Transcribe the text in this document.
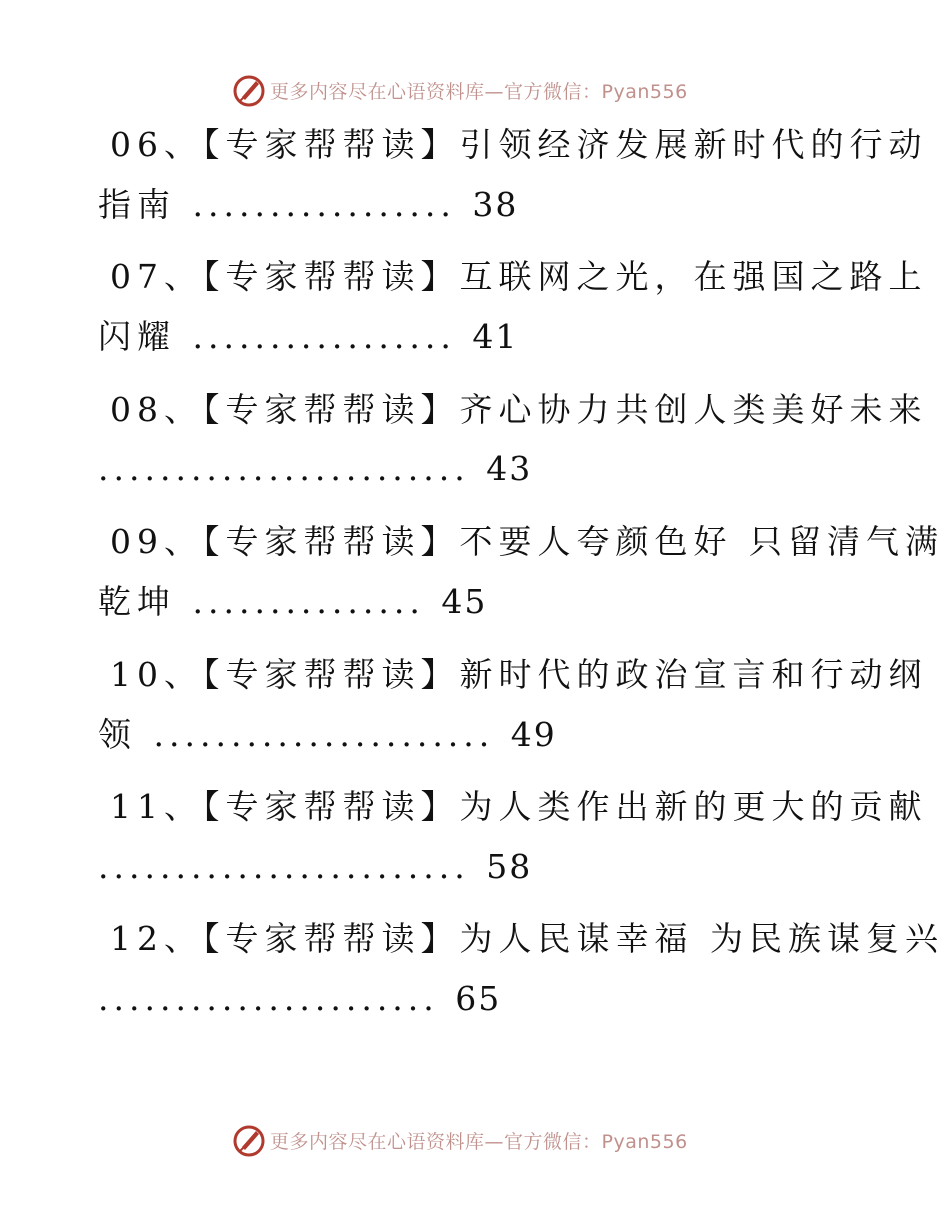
更多内容尽在心语资料库—官方微信：Pyan556
06、【专家帮帮读】引领经济发展新时代的行动
指南 ................. 38
07、【专家帮帮读】互联网之光，在强国之路上
闪耀 ................. 41
08、【专家帮帮读】齐心协力共创人类美好未来
........................ 43
09、【专家帮帮读】不要人夸颜色好 只留清气满
乾坤 ............... 45
10、【专家帮帮读】新时代的政治宣言和行动纲
领 ...................... 49
11、【专家帮帮读】为人类作出新的更大的贡献
........................ 58
12、【专家帮帮读】为人民谋幸福 为民族谋复兴
...................... 65
更多内容尽在心语资料库—官方微信：Pyan556
